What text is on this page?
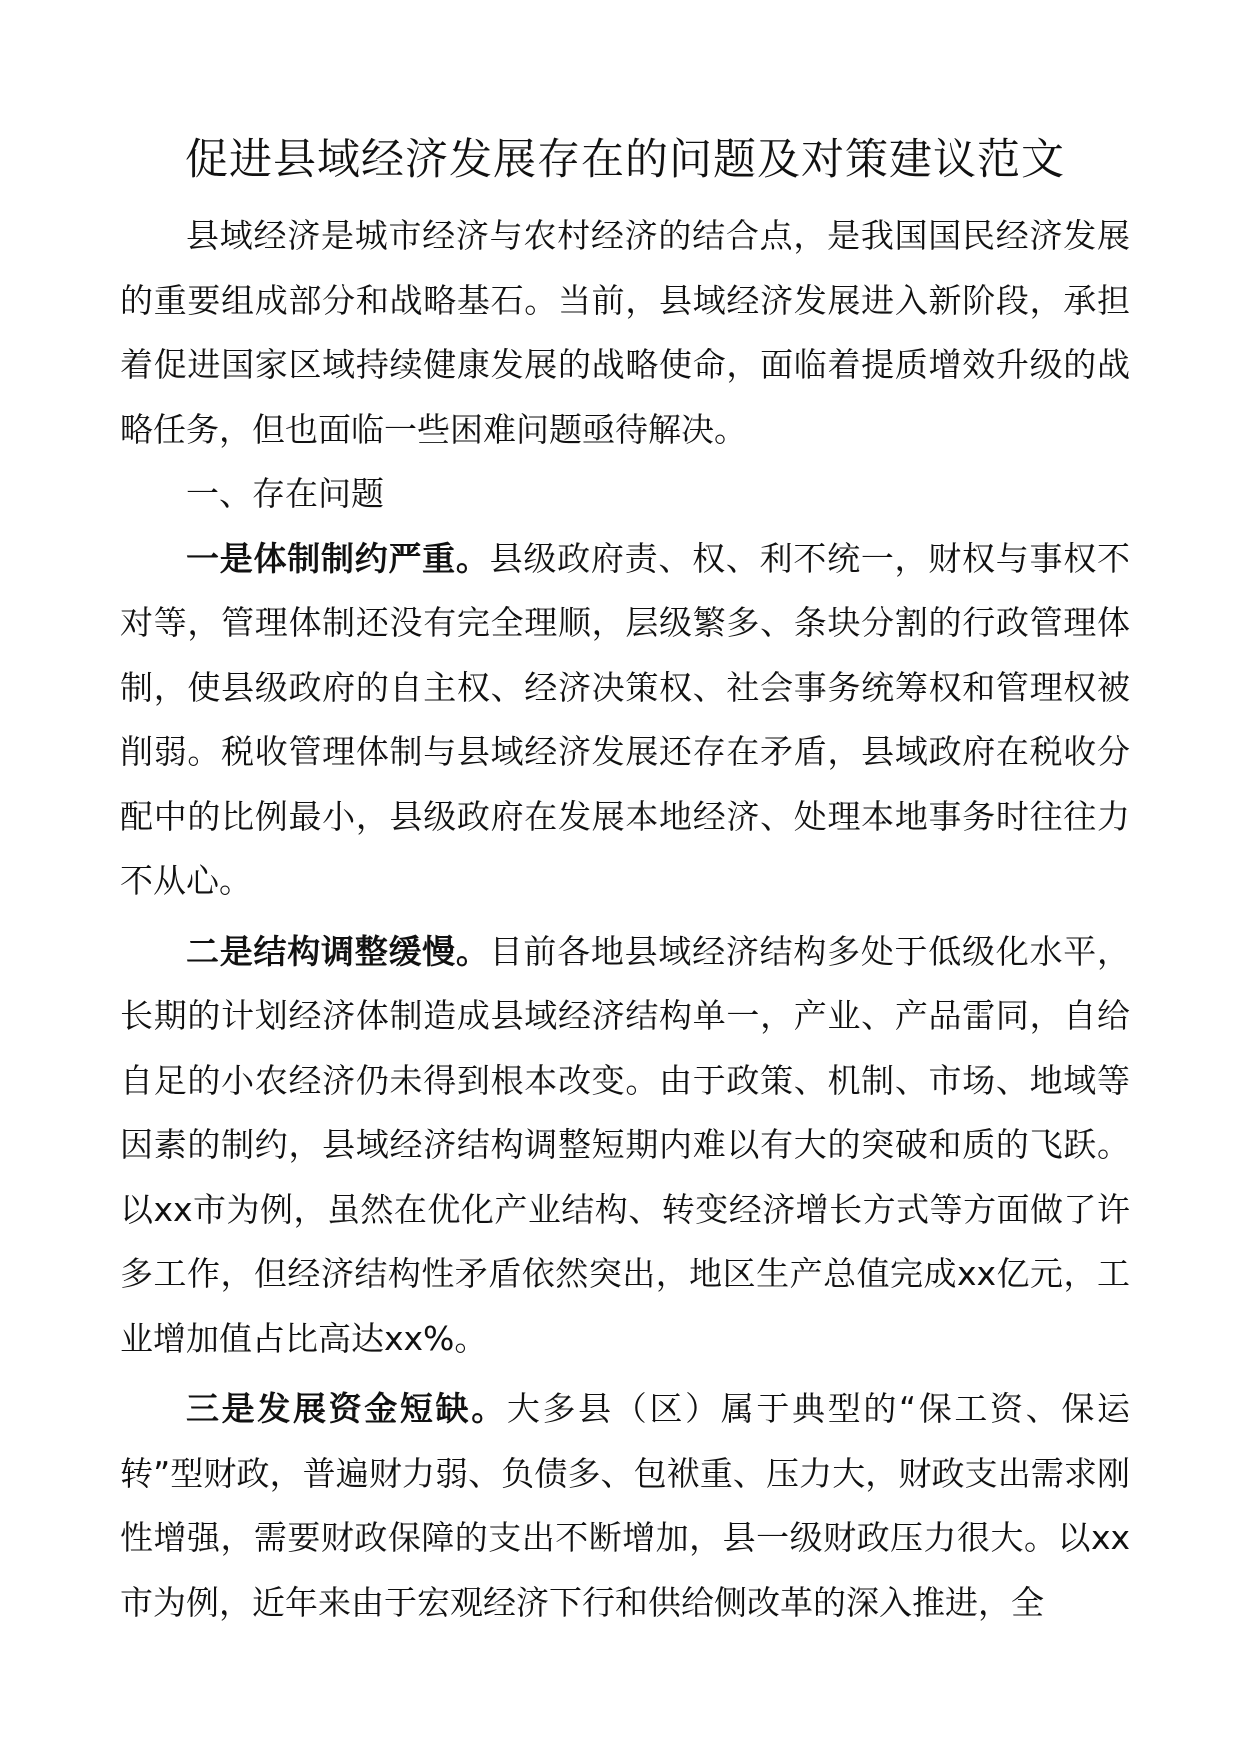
促进县域经济发展存在的问题及对策建议范文

县域经济是城市经济与农村经济的结合点，是我国国民经济发展的重要组成部分和战略基石。当前，县域经济发展进入新阶段，承担着促进国家区域持续健康发展的战略使命，面临着提质增效升级的战略任务，但也面临一些困难问题亟待解决。

一、存在问题

一是体制制约严重。县级政府责、权、利不统一，财权与事权不对等，管理体制还没有完全理顺，层级繁多、条块分割的行政管理体制，使县级政府的自主权、经济决策权、社会事务统筹权和管理权被削弱。税收管理体制与县域经济发展还存在矛盾，县域政府在税收分配中的比例最小，县级政府在发展本地经济、处理本地事务时往往力不从心。

二是结构调整缓慢。目前各地县域经济结构多处于低级化水平，长期的计划经济体制造成县域经济结构单一，产业、产品雷同，自给自足的小农经济仍未得到根本改变。由于政策、机制、市场、地域等因素的制约，县域经济结构调整短期内难以有大的突破和质的飞跃。以xx市为例，虽然在优化产业结构、转变经济增长方式等方面做了许多工作，但经济结构性矛盾依然突出，地区生产总值完成xx亿元，工业增加值占比高达xx%。

三是发展资金短缺。大多县（区）属于典型的“保工资、保运转”型财政，普遍财力弱、负债多、包袱重、压力大，财政支出需求刚性增强，需要财政保障的支出不断增加，县一级财政压力很大。以xx市为例，近年来由于宏观经济下行和供给侧改革的深入推进，全
